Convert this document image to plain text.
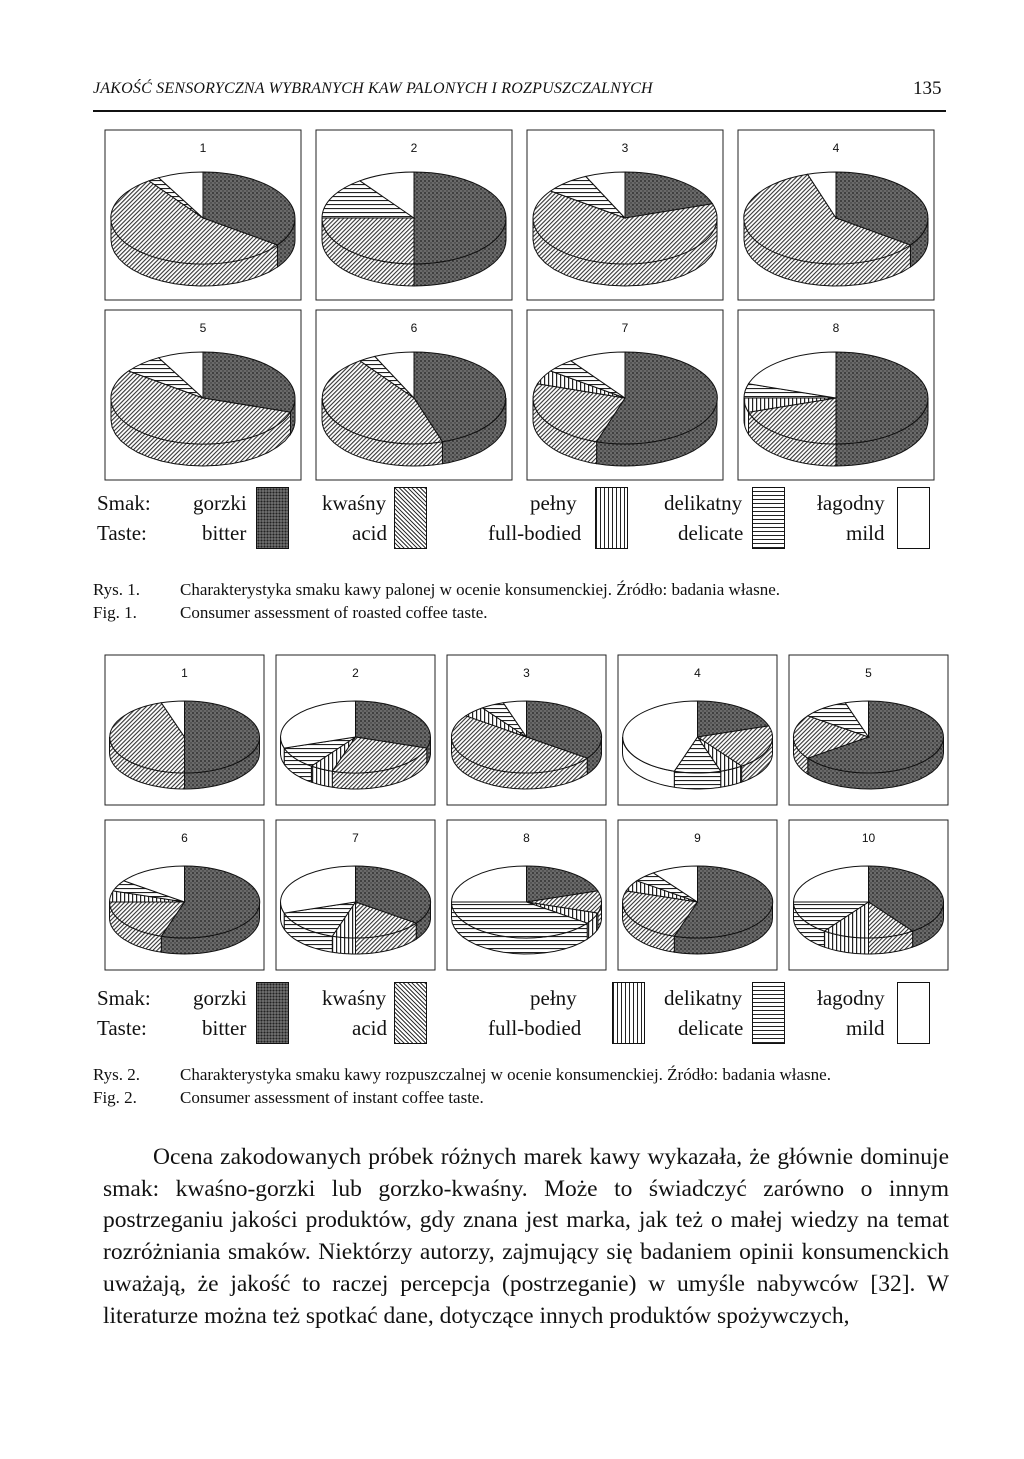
JAKOŚĆ SENSORYCZNA WYBRANYCH KAW PALONYCH I ROZPUSZCZALNYCH	135
1	2	3	4
5	6	7	8
Smak:
Taste:
gorzki
bitter
kwaśny
acid
pełny
full-bodied
delikatny
delicate
łagodny
mild
Rys. 1. Charakterystyka smaku kawy palonej w ocenie konsumenckiej. Źródło: badania własne.
Fig. 1.	Consumer assessment of roasted coffee taste.
1	2	3	4	5
6	7	8	9	10
Smak:
Taste:
gorzki
bitter
kwaśny
acid
pełny
full-bodied
delikatny
delicate
łagodny
mild
Rys. 2. Charakterystyka smaku kawy rozpuszczalnej w ocenie konsumenckiej. Źródło: badania własne.
Fig. 2.	Consumer assessment of instant coffee taste.

Ocena zakodowanych próbek różnych marek kawy wykazała, że głównie dominuje smak: kwaśno-gorzki lub gorzko-kwaśny. Może to świadczyć zarówno o innym postrzeganiu jakości produktów, gdy znana jest marka, jak też o małej wiedzy na temat rozróżniania smaków. Niektórzy autorzy, zajmujący się badaniem opinii konsumenckich uważają, że jakość to raczej percepcja (postrzeganie) w umyśle nabywców [32]. W literaturze można też spotkać dane, dotyczące innych produktów spożywczych,
